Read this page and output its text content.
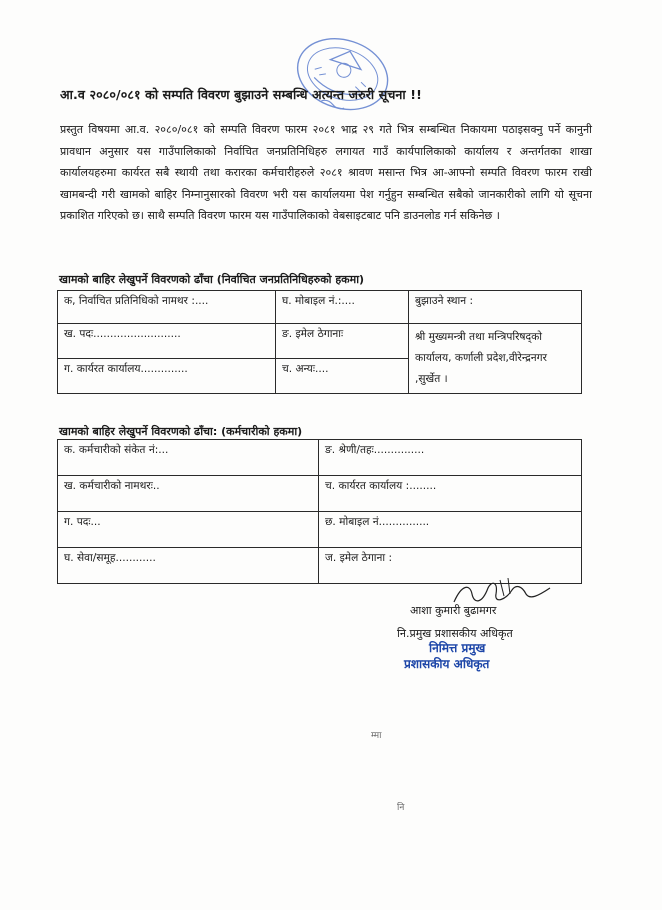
आ.व २०८०/०८१ को सम्पति विवरण बुझाउने सम्बन्धि अत्यन्त जरुरी सूचना !!
प्रस्तुत विषयमा आ.व. २०८०/०८१ को सम्पति विवरण फारम २०८१ भाद्र २९ गते भित्र सम्बन्धित निकायमा पठाइसक्नु पर्ने कानुनी प्रावधान अनुसार यस गाउँपालिकाको निर्वाचित जनप्रतिनिधिहरु लगायत गाउँ कार्यपालिकाको कार्यालय र अन्तर्गतका शाखा कार्यालयहरुमा कार्यरत सबै स्थायी तथा करारका कर्मचारीहरुले २०८१ श्रावण मसान्त भित्र आ-आफ्नो सम्पति विवरण फारम राखी खामबन्दी गरी खामको बाहिर निम्नानुसारको विवरण भरी यस कार्यालयमा पेश गर्नुहुन सम्बन्धित सबैको जानकारीको लागि यो सूचना प्रकाशित गरिएको छ। साथै सम्पति विवरण फारम यस गाउँपालिकाको वेबसाइटबाट पनि डाउनलोड गर्न सकिनेछ ।
खामको बाहिर लेखुपर्ने विवरणको ढाँचा (निर्वाचित जनप्रतिनिधिहरुको हकमा)
क, निर्वाचित प्रतिनिधिको नामथर :....	घ. मोबाइल नं.:....	बुझाउने स्थान :
ख. पदः..........................	ङ. इमेल ठेगानाः	श्री मुख्यमन्त्री तथा मन्त्रिपरिषद्को कार्यालय, कर्णाली प्रदेश,वीरेन्द्रनगर ,सुर्खेत ।
ग. कार्यरत कार्यालय..............	च. अन्यः....	
खामको बाहिर लेखुपर्ने विवरणको ढाँचा: (कर्मचारीको हकमा)
क. कर्मचारीको संकेत नं:...	ङ. श्रेणी/तहः...............
ख. कर्मचारीको नामथरः..	च. कार्यरत कार्यालय :........
ग. पदः...	छ. मोबाइल नं...............
घ. सेवा/समूह............	ज. इमेल ठेगाना :
आशा कुमारी बुढामगर
नि.प्रमुख प्रशासकीय अधिकृत
निमित्त प्रमुख
प्रशासकीय अधिकृत
म्मा
नि
